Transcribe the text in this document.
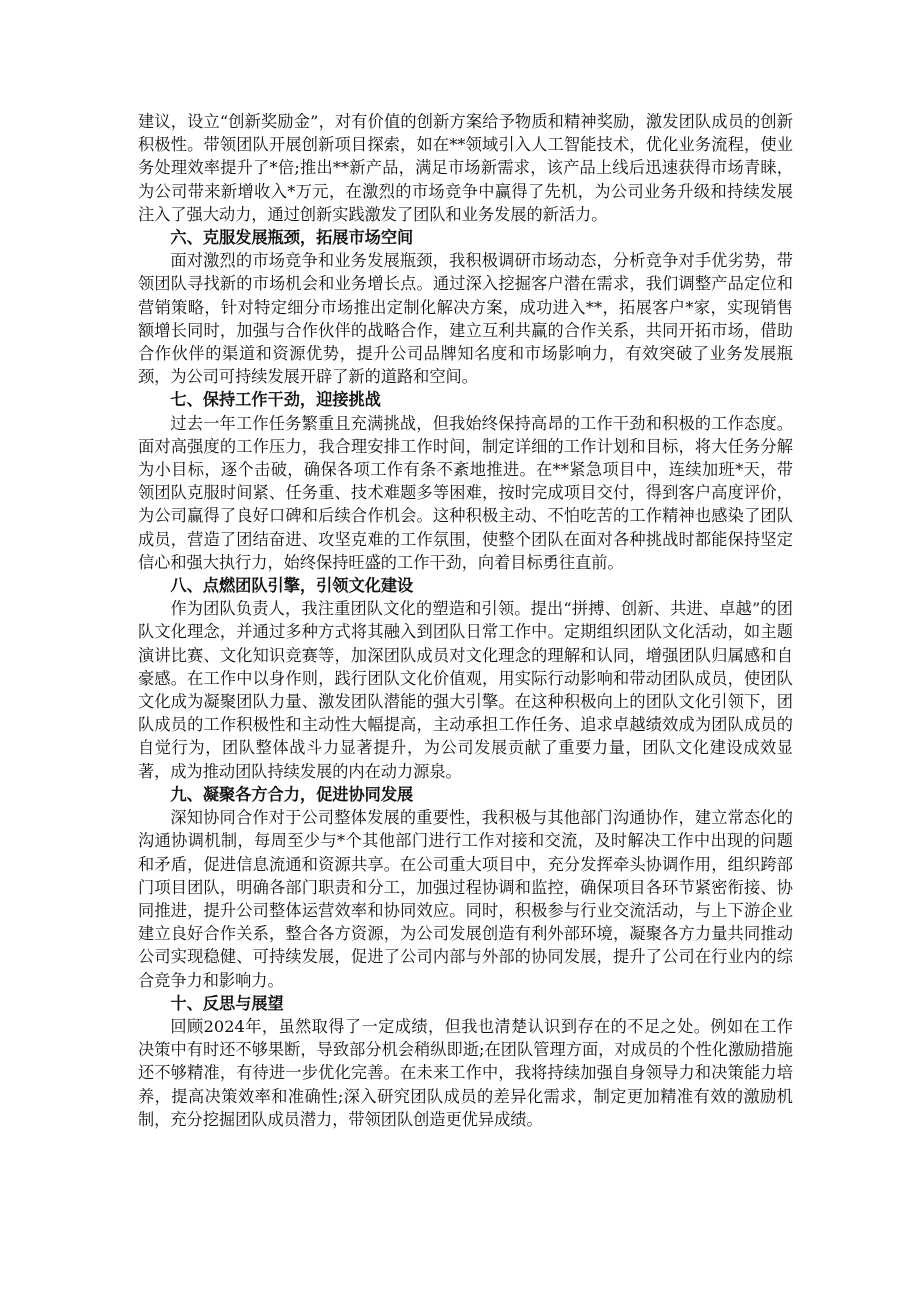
建议，设立“创新奖励金”，对有价值的创新方案给予物质和精神奖励，激发团队成员的创新积极性。带领团队开展创新项目探索，如在**领域引入人工智能技术，优化业务流程，使业务处理效率提升了*倍;推出**新产品，满足市场新需求，该产品上线后迅速获得市场青睐，为公司带来新增收入*万元，在激烈的市场竞争中赢得了先机，为公司业务升级和持续发展注入了强大动力，通过创新实践激发了团队和业务发展的新活力。

六、克服发展瓶颈，拓展市场空间

面对激烈的市场竞争和业务发展瓶颈，我积极调研市场动态，分析竞争对手优劣势，带领团队寻找新的市场机会和业务增长点。通过深入挖掘客户潜在需求，我们调整产品定位和营销策略，针对特定细分市场推出定制化解决方案，成功进入**，拓展客户*家，实现销售额增长同时，加强与合作伙伴的战略合作，建立互利共赢的合作关系，共同开拓市场，借助合作伙伴的渠道和资源优势，提升公司品牌知名度和市场影响力，有效突破了业务发展瓶颈，为公司可持续发展开辟了新的道路和空间。

七、保持工作干劲，迎接挑战

过去一年工作任务繁重且充满挑战，但我始终保持高昂的工作干劲和积极的工作态度。面对高强度的工作压力，我合理安排工作时间，制定详细的工作计划和目标，将大任务分解为小目标，逐个击破，确保各项工作有条不紊地推进。在**紧急项目中，连续加班*天，带领团队克服时间紧、任务重、技术难题多等困难，按时完成项目交付，得到客户高度评价，为公司赢得了良好口碑和后续合作机会。这种积极主动、不怕吃苦的工作精神也感染了团队成员，营造了团结奋进、攻坚克难的工作氛围，使整个团队在面对各种挑战时都能保持坚定信心和强大执行力，始终保持旺盛的工作干劲，向着目标勇往直前。

八、点燃团队引擎，引领文化建设

作为团队负责人，我注重团队文化的塑造和引领。提出“拼搏、创新、共进、卓越”的团队文化理念，并通过多种方式将其融入到团队日常工作中。定期组织团队文化活动，如主题演讲比赛、文化知识竞赛等，加深团队成员对文化理念的理解和认同，增强团队归属感和自豪感。在工作中以身作则，践行团队文化价值观，用实际行动影响和带动团队成员，使团队文化成为凝聚团队力量、激发团队潜能的强大引擎。在这种积极向上的团队文化引领下，团队成员的工作积极性和主动性大幅提高，主动承担工作任务、追求卓越绩效成为团队成员的自觉行为，团队整体战斗力显著提升，为公司发展贡献了重要力量，团队文化建设成效显著，成为推动团队持续发展的内在动力源泉。

九、凝聚各方合力，促进协同发展

深知协同合作对于公司整体发展的重要性，我积极与其他部门沟通协作，建立常态化的沟通协调机制，每周至少与*个其他部门进行工作对接和交流，及时解决工作中出现的问题和矛盾，促进信息流通和资源共享。在公司重大项目中，充分发挥牵头协调作用，组织跨部门项目团队，明确各部门职责和分工，加强过程协调和监控，确保项目各环节紧密衔接、协同推进，提升公司整体运营效率和协同效应。同时，积极参与行业交流活动，与上下游企业建立良好合作关系，整合各方资源，为公司发展创造有利外部环境，凝聚各方力量共同推动公司实现稳健、可持续发展，促进了公司内部与外部的协同发展，提升了公司在行业内的综合竞争力和影响力。

十、反思与展望

回顾2024年，虽然取得了一定成绩，但我也清楚认识到存在的不足之处。例如在工作决策中有时还不够果断，导致部分机会稍纵即逝;在团队管理方面，对成员的个性化激励措施还不够精准，有待进一步优化完善。在未来工作中，我将持续加强自身领导力和决策能力培养，提高决策效率和准确性;深入研究团队成员的差异化需求，制定更加精准有效的激励机制，充分挖掘团队成员潜力，带领团队创造更优异成绩。
